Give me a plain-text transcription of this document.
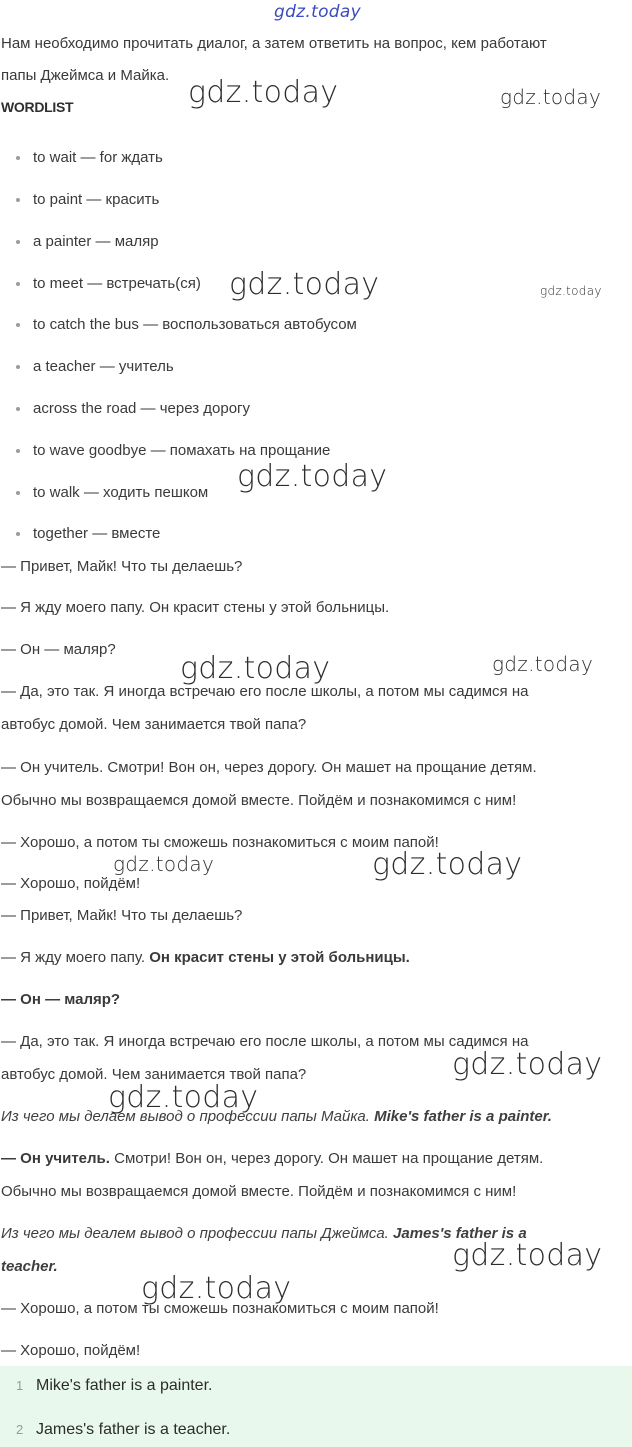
gdz.today
Нам необходимо прочитать диалог, а затем ответить на вопрос, кем работают
папы Джеймса и Майка.
WORDLIST
to wait — for ждать
to paint — красить
a painter — маляр
to meet — встречать(ся)
to catch the bus — воспользоваться автобусом
a teacher — учитель
across the road — через дорогу
to wave goodbye — помахать на прощание
to walk — ходить пешком
together — вместе
— Привет, Майк! Что ты делаешь?
— Я жду моего папу. Он красит стены у этой больницы.
— Он — маляр?
— Да, это так. Я иногда встречаю его после школы, а потом мы садимся на
автобус домой. Чем занимается твой папа?
— Он учитель. Смотри! Вон он, через дорогу. Он машет на прощание детям.
Обычно мы возвращаемся домой вместе. Пойдём и познакомимся с ним!
— Хорошо, а потом ты сможешь познакомиться с моим папой!
— Хорошо, пойдём!
— Привет, Майк! Что ты делаешь?
— Я жду моего папу. Он красит стены у этой больницы.
— Он — маляр?
— Да, это так. Я иногда встречаю его после школы, а потом мы садимся на
автобус домой. Чем занимается твой папа?
Из чего мы делаем вывод о профессии папы Майка. Mike's father is a painter.
— Он учитель. Смотри! Вон он, через дорогу. Он машет на прощание детям.
Обычно мы возвращаемся домой вместе. Пойдём и познакомимся с ним!
Из чего мы деалем вывод о профессии папы Джеймса. James's father is a
teacher.
— Хорошо, а потом ты сможешь познакомиться с моим папой!
— Хорошо, пойдём!
1 Mike's father is a painter.
2 James's father is a teacher.
gdz.today	gdz.today
gdz.today	gdz.today
gdz.today
gdz.today	gdz.today
gdz.today	gdz.today
gdz.today
gdz.today
gdz.today
gdz.today
